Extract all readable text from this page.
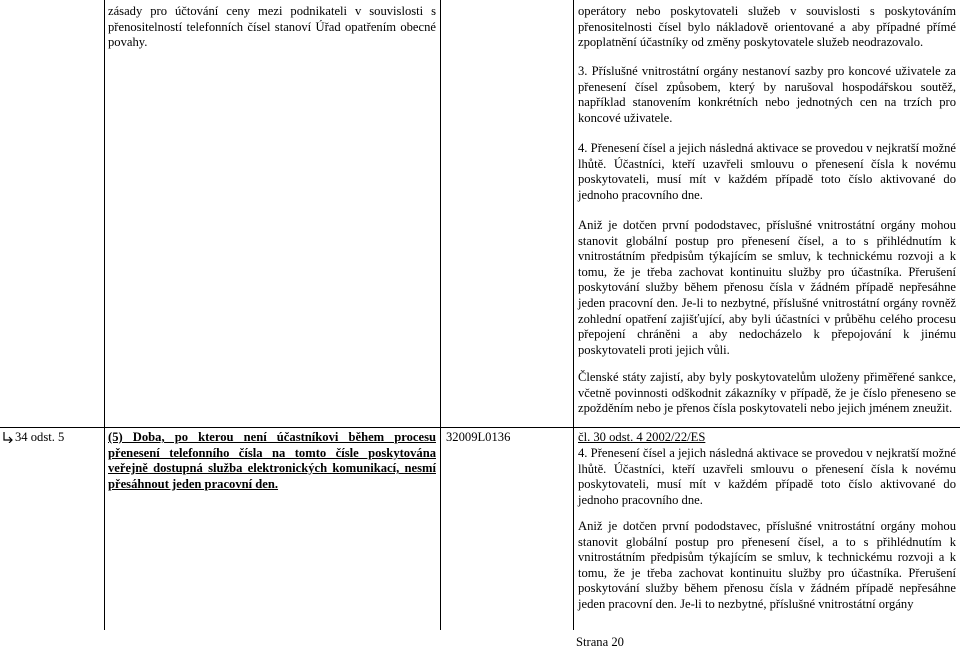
zásady pro účtování ceny mezi podnikateli v souvislosti s přenositelností telefonních čísel stanoví Úřad opatřením obecné povahy.
operátory nebo poskytovateli služeb v souvislosti s poskytováním přenositelnosti čísel bylo nákladově orientované a aby případné přímé zpoplatnění účastníky od změny poskytovatele služeb neodrazovalo.
3. Příslušné vnitrostátní orgány nestanoví sazby pro koncové uživatele za přenesení čísel způsobem, který by narušoval hospodářskou soutěž, například stanovením konkrétních nebo jednotných cen na trzích pro koncové uživatele.
4. Přenesení čísel a jejich následná aktivace se provedou v nejkratší možné lhůtě. Účastníci, kteří uzavřeli smlouvu o přenesení čísla k novému poskytovateli, musí mít v každém případě toto číslo aktivované do jednoho pracovního dne.
Aniž je dotčen první pododstavec, příslušné vnitrostátní orgány mohou stanovit globální postup pro přenesení čísel, a to s přihlédnutím k vnitrostátním předpisům týkajícím se smluv, k technickému rozvoji a k tomu, že je třeba zachovat kontinuitu služby pro účastníka. Přerušení poskytování služby během přenosu čísla v žádném případě nepřesáhne jeden pracovní den. Je-li to nezbytné, příslušné vnitrostátní orgány rovněž zohlední opatření zajišťující, aby byli účastníci v průběhu celého procesu přepojení chráněni a aby nedocházelo k přepojování k jinému poskytovateli proti jejich vůli.
Členské státy zajistí, aby byly poskytovatelům uloženy přiměřené sankce, včetně povinnosti odškodnit zákazníky v případě, že je číslo přeneseno se zpožděním nebo je přenos čísla poskytovateli nebo jejich jménem zneužit.
34 odst. 5	(5) Doba, po kterou není účastníkovi během procesu přenesení telefonního čísla na tomto čísle poskytována veřejně dostupná služba elektronických komunikací, nesmí přesáhnout jeden pracovní den.
32009L0136	čl. 30 odst. 4 2002/22/ES
4. Přenesení čísel a jejich následná aktivace se provedou v nejkratší možné lhůtě. Účastníci, kteří uzavřeli smlouvu o přenesení čísla k novému poskytovateli, musí mít v každém případě toto číslo aktivované do jednoho pracovního dne.
Aniž je dotčen první pododstavec, příslušné vnitrostátní orgány mohou stanovit globální postup pro přenesení čísel, a to s přihlédnutím k vnitrostátním předpisům týkajícím se smluv, k technickému rozvoji a k tomu, že je třeba zachovat kontinuitu služby pro účastníka. Přerušení poskytování služby během přenosu čísla v žádném případě nepřesáhne jeden pracovní den. Je-li to nezbytné, příslušné vnitrostátní orgány
Strana 20
